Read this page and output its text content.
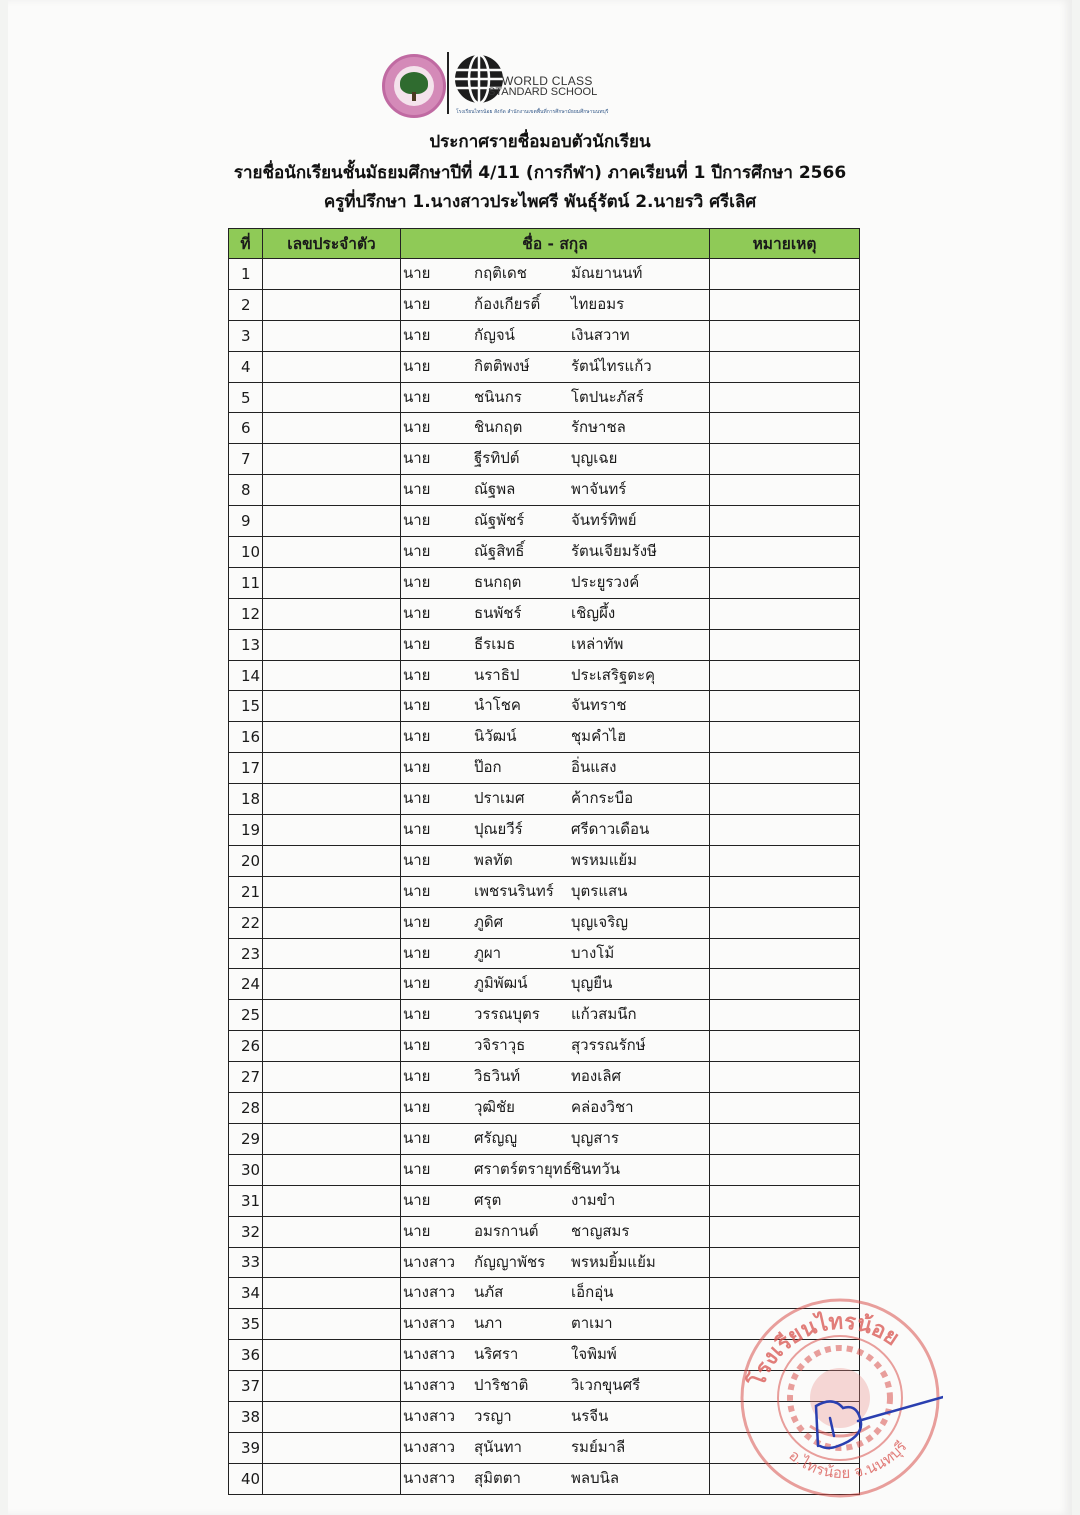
WORLD CLASS
STANDARD SCHOOL
โรงเรียนไทรน้อย สังกัด สำนักงานเขตพื้นที่การศึกษามัธยมศึกษานนทบุรี
ประกาศรายชื่อมอบตัวนักเรียน
รายชื่อนักเรียนชั้นมัธยมศึกษาปีที่ 4/11 (การกีฬา) ภาคเรียนที่ 1 ปีการศึกษา 2566
ครูที่ปรึกษา 1.นางสาวประไพศรี พันธุ์รัตน์ 2.นายรวิ ศรีเลิศ
ที่	เลขประจำตัว	ชื่อ - สกุล	หมายเหตุ
1		นาย กฤติเดช มัณยานนท์	

2		นาย ก้องเกียรติ์ ไทยอมร	

3		นาย กัญจน์ เงินสวาท	

4		นาย กิตติพงษ์ รัตน์ไทรแก้ว	

5		นาย ชนินกร โตปนะภัสร์	

6		นาย ชินกฤต รักษาชล	

7		นาย ฐีรทิปต์ บุญเฉย	

8		นาย ณัฐพล พาจันทร์	

9		นาย ณัฐพัชร์ จันทร์ทิพย์	

10		นาย ณัฐสิทธิ์ รัตนเจียมรังษี	

11		นาย ธนกฤต ประยูรวงค์	

12		นาย ธนพัชร์ เชิญผึ้ง	

13		นาย ธีรเมธ เหล่าทัพ	

14		นาย นราธิป ประเสริฐตะคุ	

15		นาย นำโชค จันทราช	

16		นาย นิวัฒน์ ชุมคำไฮ	

17		นาย ป๊อก อิ่นแสง	

18		นาย ปราเมศ ค้ากระบือ	

19		นาย ปุณยวีร์ ศรีดาวเดือน	

20		นาย พลทัต พรหมแย้ม	

21		นาย เพชรนรินทร์ บุตรแสน	

22		นาย ภูดิศ บุญเจริญ	

23		นาย ภูผา บางโม้	

24		นาย ภูมิพัฒน์ บุญยืน	

25		นาย วรรณบุตร แก้วสมนึก	

26		นาย วจิราวุธ สุวรรณรักษ์	

27		นาย วิธวินท์ ทองเลิศ	

28		นาย วุฒิชัย คล่องวิชา	

29		นาย ศรัญญู บุญสาร	

30		นาย ศราตร์ตรายุทธ์ ชินทวัน	

31		นาย ศรุต งามขำ	

32		นาย อมรกานต์ ชาญสมร	

33		นางสาว กัญญาพัชร พรหมยิ้มแย้ม	

34		นางสาว นภัส เอ็กอุ่น	

35		นางสาว นภา ตาเมา	

36		นางสาว นริศรา ใจพิมพ์	

37		นางสาว ปาริชาติ วิเวกขุนศรี	

38		นางสาว วรญา นรจีน	

39		นางสาว สุนันทา รมย์มาลี	

40		นางสาว สุมิตตา พลบนิล	

โรงเรียนไทรน้อย
อ.ไทรน้อย จ.นนทบุรี
